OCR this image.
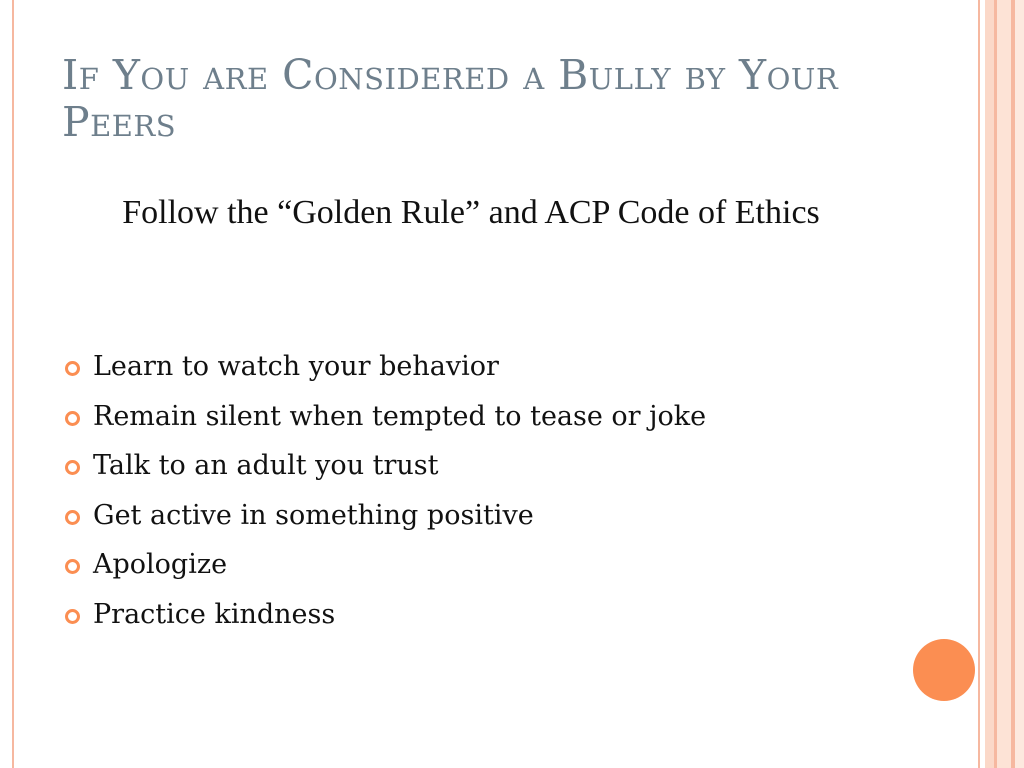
If You are Considered a Bully by Your Peers
Follow the “Golden Rule” and ACP Code of Ethics
Learn to watch your behavior
Remain silent when tempted to tease or joke
Talk to an adult you trust
Get active in something positive
Apologize
Practice kindness
